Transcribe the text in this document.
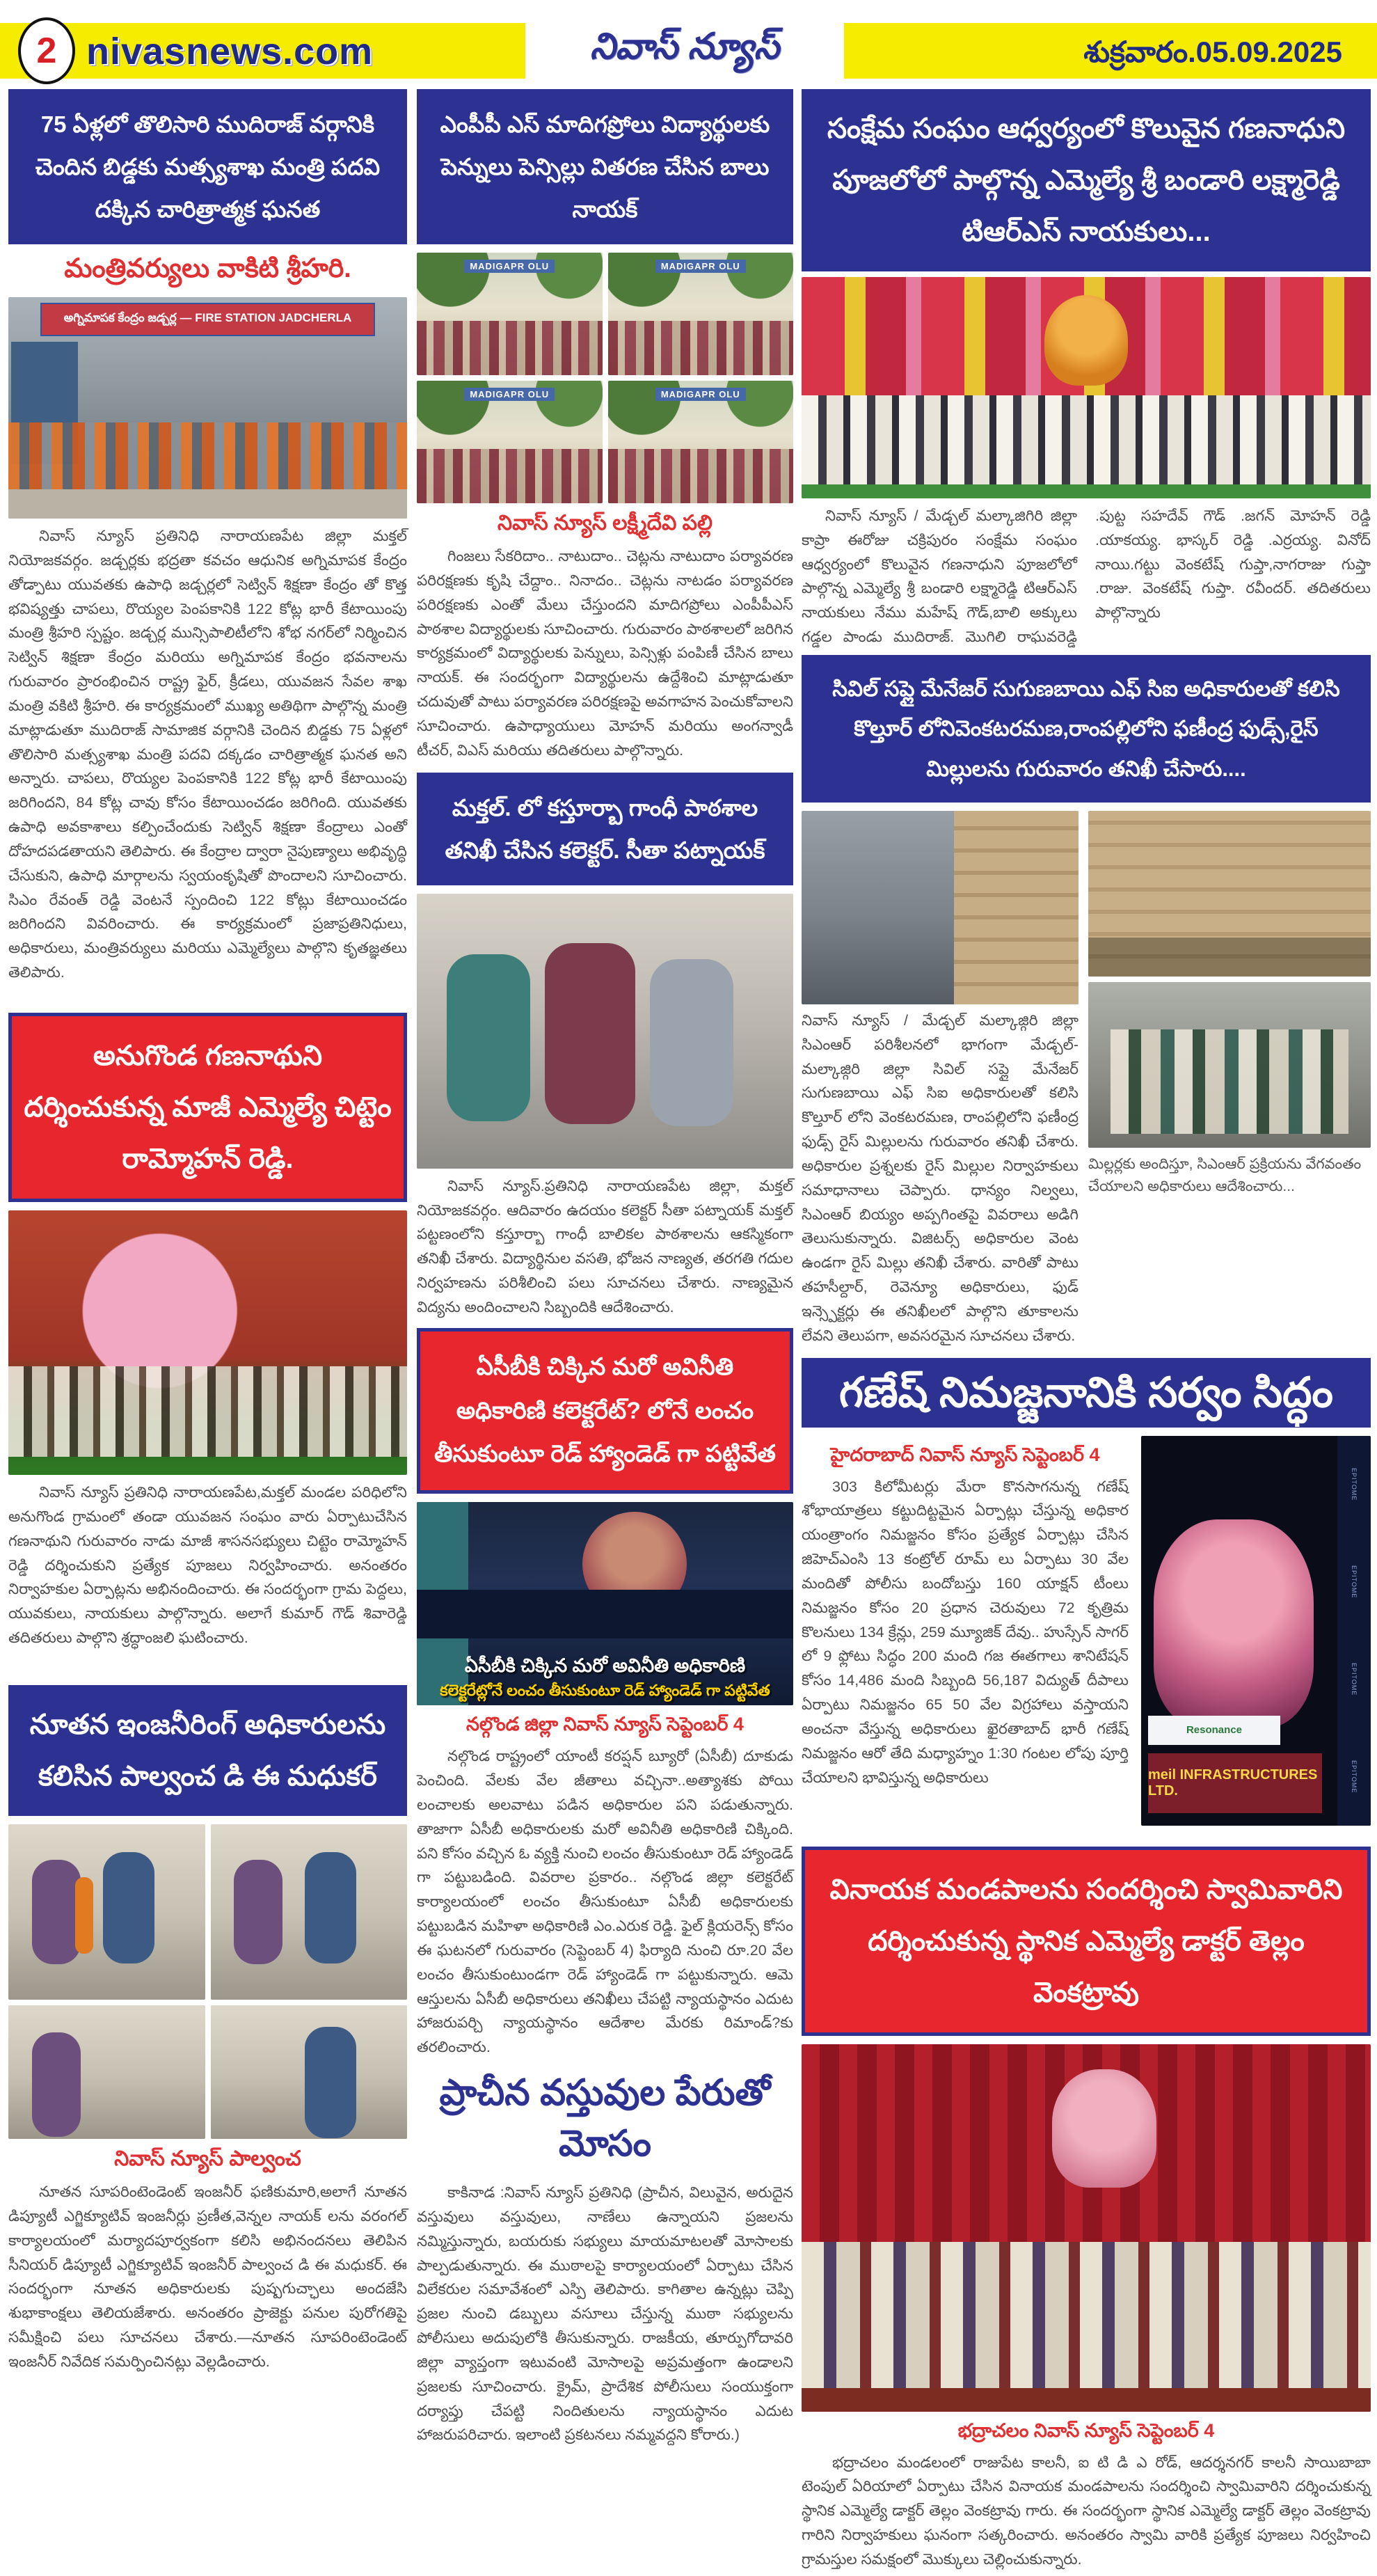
2 nivasnews.com	నివాస్ న్యూస్	శుక్రవారం.05.09.2025
75 ఏళ్లలో తొలిసారి ముదిరాజ్ వర్గానికి చెందిన బిడ్డకు మత్స్యశాఖ మంత్రి పదవి దక్కిన చారిత్రాత్మక ఘనత
మంత్రివర్యులు వాకిటి శ్రీహరి.
అగ్నిమాపక కేంద్రం జడ్చర్ల — FIRE STATION JADCHERLA
నివాస్ న్యూస్ ప్రతినిధి నారాయణపేట జిల్లా మక్తల్ నియోజకవర్గం. జడ్చర్లకు భద్రతా కవచం ఆధునిక అగ్నిమాపక కేంద్రం తోడ్పాటు యువతకు ఉపాధి జడ్చర్లలో సెట్విన్ శిక్షణా కేంద్రం తో కొత్త భవిష్యత్తు చాపలు, రొయ్యల పెంపకానికి 122 కోట్ల భారీ కేటాయింపు మంత్రి శ్రీహరి స్పష్టం. జడ్చర్ల మున్సిపాలిటీలోని శోభ నగర్‌లో నిర్మించిన సెట్విన్ శిక్షణా కేంద్రం మరియు అగ్నిమాపక కేంద్రం భవనాలను గురువారం ప్రారంభించిన రాష్ట్ర ఫైర్, క్రీడలు, యువజన సేవల శాఖ మంత్రి వకిటి శ్రీహరి. ఈ కార్యక్రమంలో ముఖ్య అతిథిగా పాల్గొన్న మంత్రి మాట్లాడుతూ ముదిరాజ్ సామాజిక వర్గానికి చెందిన బిడ్డకు 75 ఏళ్లలో తొలిసారి మత్స్యశాఖ మంత్రి పదవి దక్కడం చారిత్రాత్మక ఘనత అని అన్నారు. చాపలు, రొయ్యల పెంపకానికి 122 కోట్ల భారీ కేటాయింపు జరిగిందని, 84 కోట్ల చావు కోసం కేటాయించడం జరిగింది. యువతకు ఉపాధి అవకాశాలు కల్పించేందుకు సెట్విన్ శిక్షణా కేంద్రాలు ఎంతో దోహదపడతాయని తెలిపారు. ఈ కేంద్రాల ద్వారా నైపుణ్యాలు అభివృద్ధి చేసుకుని, ఉపాధి మార్గాలను స్వయంకృషితో పొందాలని సూచించారు. సిఎం రేవంత్ రెడ్డి వెంటనే స్పందించి 122 కోట్లు కేటాయించడం జరిగిందని వివరించారు. ఈ కార్యక్రమంలో ప్రజాప్రతినిధులు, అధికారులు, మంత్రివర్యులు మరియు ఎమ్మెల్యేలు పాల్గొని కృతజ్ఞతలు తెలిపారు.
అనుగొండ గణనాథుని దర్శించుకున్న మాజీ ఎమ్మెల్యే చిట్టెం రామ్మోహన్ రెడ్డి.
నివాస్ న్యూస్ ప్రతినిధి నారాయణపేట,మక్తల్ మండల పరిధిలోని అనుగొండ గ్రామంలో తండా యువజన సంఘం వారు ఏర్పాటుచేసిన గణనాథుని గురువారం నాడు మాజీ శాసనసభ్యులు చిట్టెం రామ్మోహన్ రెడ్డి దర్శించుకుని ప్రత్యేక పూజలు నిర్వహించారు. అనంతరం నిర్వాహకుల ఏర్పాట్లను అభినందించారు. ఈ సందర్భంగా గ్రామ పెద్దలు, యువకులు, నాయకులు పాల్గొన్నారు. అలాగే కుమార్ గౌడ్ శివారెడ్డి తదితరులు పాల్గొని శ్రద్ధాంజలి ఘటించారు.
నూతన ఇంజనీరింగ్ అధికారులను కలిసిన పాల్వంచ డి ఈ మధుకర్
నివాస్ న్యూస్ పాల్వంచ
నూతన సూపరింటెండెంట్ ఇంజనీర్ ఫణికుమారి,అలాగే నూతన డిప్యూటీ ఎగ్జిక్యూటివ్ ఇంజనీర్లు ప్రణీత,వెన్నల నాయక్ లను వరంగల్ కార్యాలయంలో మర్యాదపూర్వకంగా కలిసి అభినందనలు తెలిపిన సీనియర్ డిప్యూటీ ఎగ్జిక్యూటివ్ ఇంజనీర్ పాల్వంచ డి ఈ మధుకర్. ఈ సందర్భంగా నూతన అధికారులకు పుష్పగుచ్ఛాలు అందజేసి శుభాకాంక్షలు తెలియజేశారు. అనంతరం ప్రాజెక్టు పనుల పురోగతిపై సమీక్షించి పలు సూచనలు చేశారు.—నూతన సూపరింటెండెంట్ ఇంజనీర్ నివేదిక సమర్పించినట్లు వెల్లడించారు.
ఎంపీపీ ఎస్ మాదిగప్రోలు విద్యార్థులకు పెన్నులు పెన్సిల్లు వితరణ చేసిన బాలు నాయక్
MADIGAPR OLU	MADIGAPR OLU
MADIGAPR OLU	MADIGAPR OLU
నివాస్ న్యూస్ లక్ష్మీదేవి పల్లి
గింజలు సేకరిదాం.. నాటుదాం.. చెట్లను నాటుదాం పర్యావరణ పరిరక్షణకు కృషి చేద్దాం.. నినాదం.. చెట్లను నాటడం పర్యావరణ పరిరక్షణకు ఎంతో మేలు చేస్తుందని మాదిగప్రోలు ఎంపీపీఎస్ పాఠశాల విద్యార్థులకు సూచించారు. గురువారం పాఠశాలలో జరిగిన కార్యక్రమంలో విద్యార్థులకు పెన్నులు, పెన్సిళ్లు పంపిణీ చేసిన బాలు నాయక్. ఈ సందర్భంగా విద్యార్థులను ఉద్దేశించి మాట్లాడుతూ చదువుతో పాటు పర్యావరణ పరిరక్షణపై అవగాహన పెంచుకోవాలని సూచించారు. ఉపాధ్యాయులు మోహన్ మరియు అంగన్వాడీ టీచర్, విఎస్ మరియు తదితరులు పాల్గొన్నారు.
మక్తల్. లో కస్తూర్బా గాంధీ పాఠశాల తనిఖీ చేసిన కలెక్టర్. సీతా పట్నాయక్
నివాస్ న్యూస్.ప్రతినిధి నారాయణపేట జిల్లా, మక్తల్ నియోజకవర్గం. ఆదివారం ఉదయం కలెక్టర్ సీతా పట్నాయక్ మక్తల్ పట్టణంలోని కస్తూర్బా గాంధీ బాలికల పాఠశాలను ఆకస్మికంగా తనిఖీ చేశారు. విద్యార్థినుల వసతి, భోజన నాణ్యత, తరగతి గదుల నిర్వహణను పరిశీలించి పలు సూచనలు చేశారు. నాణ్యమైన విద్యను అందించాలని సిబ్బందికి ఆదేశించారు.
ఏసీబీకి చిక్కిన మరో అవినీతి అధికారిణి కలెక్టరేట్? లోనే లంచం తీసుకుంటూ రెడ్ హ్యాండెడ్ గా పట్టివేత
ఏసీబీకి చిక్కిన మరో అవినీతి అధికారిణి
కలెక్టరేట్లోనే లంచం తీసుకుంటూ రెడ్ హ్యాండెడ్ గా పట్టివేత
నల్గొండ జిల్లా నివాస్ న్యూస్ సెప్టెంబర్ 4
నల్గొండ రాష్ట్రంలో యాంటీ కరప్షన్ బ్యూరో (ఏసీబీ) దూకుడు పెంచింది. వేలకు వేల జీతాలు వచ్చినా..అత్యాశకు పోయి లంచాలకు అలవాటు పడిన అధికారుల పని పడుతున్నారు. తాజాగా ఏసీబీ అధికారులకు మరో అవినీతి అధికారిణి చిక్కింది. పని కోసం వచ్చిన ఓ వ్యక్తి నుంచి లంచం తీసుకుంటూ రెడ్ హ్యాండెడ్ గా పట్టుబడింది. వివరాల ప్రకారం.. నల్గొండ జిల్లా కలెక్టరేట్ కార్యాలయంలో లంచం తీసుకుంటూ ఏసీబీ అధికారులకు పట్టుబడిన మహిళా అధికారిణి ఎం.ఎరుక రెడ్డి. ఫైల్ క్లియరెన్స్ కోసం ఈ ఘటనలో గురువారం (సెప్టెంబర్ 4) ఫిర్యాది నుంచి రూ.20 వేల లంచం తీసుకుంటుండగా రెడ్ హ్యాండెడ్ గా పట్టుకున్నారు. ఆమె ఆస్తులను ఏసీబీ అధికారులు తనిఖీలు చేపట్టి న్యాయస్థానం ఎదుట హాజరుపర్చి న్యాయస్థానం ఆదేశాల మేరకు రిమాండ్?కు తరలించారు.
ప్రాచీన వస్తువుల పేరుతో మోసం
కాకినాడ :నివాస్ న్యూస్ ప్రతినిధి (ప్రాచీన, విలువైన, అరుదైన వస్తువులు వస్తువులు, నాణేలు ఉన్నాయని ప్రజలను నమ్మిస్తున్నారు, బయరుకు సభ్యులు మాయమాటలతో మోసాలకు పాల్పడుతున్నారు. ఈ ముఠాలపై కార్యాలయంలో ఏర్పాటు చేసిన విలేకరుల సమావేశంలో ఎస్పి తెలిపారు. కాగితాల ఉన్నట్లు చెప్పి ప్రజల నుంచి డబ్బులు వసూలు చేస్తున్న ముఠా సభ్యులను పోలీసులు అదుపులోకి తీసుకున్నారు. రాజకీయ, తూర్పుగోదావరి జిల్లా వ్యాప్తంగా ఇటువంటి మోసాలపై అప్రమత్తంగా ఉండాలని ప్రజలకు సూచించారు. క్రైమ్, ప్రాదేశిక పోలీసులు సంయుక్తంగా దర్యాప్తు చేపట్టి నిందితులను న్యాయస్థానం ఎదుట హాజరుపరిచారు. ఇలాంటి ప్రకటనలు నమ్మవద్దని కోరారు.)
సంక్షేమ సంఘం ఆధ్వర్యంలో కొలువైన గణనాధుని పూజలోలో పాల్గొన్న ఎమ్మెల్యే శ్రీ బండారి లక్ష్మారెడ్డి టిఆర్ఎస్ నాయకులు...
నివాస్ న్యూస్ / మేడ్చల్ మల్కాజిగిరి జిల్లా కాప్రా ఈరోజు చక్రిపురం సంక్షేమ సంఘం ఆధ్వర్యంలో కొలువైన గణనాధుని పూజలోలో పాల్గొన్న ఎమ్మెల్యే శ్రీ బండారి లక్ష్మారెడ్డి టిఆర్ఎస్ నాయకులు నేము మహేష్ గౌడ్,బాలి అక్కులు గడ్డల పాండు ముదిరాజ్. మొగిలి రాఘవరెడ్డి .పుట్ట సహదేవ్ గౌడ్ .జగన్ మోహన్ రెడ్డి .యాకయ్య. భాస్కర్ రెడ్డి .ఎర్రయ్య. వినోద్ నాయి.గట్టు వెంకటేష్ గుప్తా,నాగరాజు గుప్తా .రాజు. వెంకటేష్ గుప్తా. రవీందర్. తదితరులు పాల్గొన్నారు
సివిల్ సప్లై మేనేజర్ సుగుణబాయి ఎఫ్ సిఐ అధికారులతో కలిసి కొల్తూర్ లోనివెంకటరమణ,రాంపల్లిలోని ఫణీంద్ర ఫుడ్స్,రైస్ మిల్లులను గురువారం తనిఖీ చేసారు....
నివాస్ న్యూస్ / మేడ్చల్ మల్కాజ్గిరి జిల్లా సిఎంఆర్ పరిశీలనలో భాగంగా మేడ్చల్-మల్కాజ్గిరి జిల్లా సివిల్ సప్లై మేనేజర్ సుగుణబాయి ఎఫ్ సిఐ అధికారులతో కలిసి కొల్తూర్ లోని వెంకటరమణ, రాంపల్లిలోని ఫణీంద్ర ఫుడ్స్ రైస్ మిల్లులను గురువారం తనిఖీ చేశారు. అధికారుల ప్రశ్నలకు రైస్ మిల్లుల నిర్వాహకులు సమాధానాలు చెప్పారు. ధాన్యం నిల్వలు, సిఎంఆర్ బియ్యం అప్పగింతపై వివరాలు అడిగి తెలుసుకున్నారు. విజిటర్స్ అధికారుల వెంట ఉండగా రైస్ మిల్లు తనిఖీ చేశారు. వారితో పాటు తహసీల్దార్, రెవెన్యూ అధికారులు, ఫుడ్ ఇన్స్పెక్టర్లు ఈ తనిఖీలలో పాల్గొని తూకాలను లేవని తెలుపగా, అవసరమైన సూచనలు చేశారు.
మిల్లర్లకు అందిస్తూ, సిఎంఆర్ ప్రక్రియను వేగవంతం చేయాలని అధికారులు ఆదేశించారు...
గణేష్ నిమజ్జనానికి సర్వం సిద్ధం
హైదరాబాద్ నివాస్ న్యూస్ సెప్టెంబర్ 4
303 కిలోమీటర్లు మేరా కొనసాగనున్న గణేష్ శోభాయాత్రలు కట్టుదిట్టమైన ఏర్పాట్లు చేస్తున్న అధికార యంత్రాంగం నిమజ్జనం కోసం ప్రత్యేక ఏర్పాట్లు చేసిన జిహెచ్ఎంసి 13 కంట్రోల్ రూమ్ లు ఏర్పాటు 30 వేల మందితో పోలీసు బందోబస్తు 160 యాక్షన్ టీంలు నిమజ్జనం కోసం 20 ప్రధాన చెరువులు 72 కృత్రిమ కొలనులు 134 క్రేన్లు, 259 మ్యూజిక్ దేవు.. హుస్సేన్ సాగర్ లో 9 ఫ్లోటు సిద్ధం 200 మంది గజ ఈతగాలు శానిటేషన్ కోసం 14,486 మంది సిబ్బంది 56,187 విద్యుత్ దీపాలు ఏర్పాటు నిమజ్జనం 65 50 వేల విగ్రహాలు వస్తాయని అంచనా వేస్తున్న అధికారులు ఖైరతాబాద్ భారీ గణేష్ నిమజ్జనం ఆరో తేది మధ్యాహ్నం 1:30 గంటల లోపు పూర్తి చేయాలని భావిస్తున్న అధికారులు
EPITOME
EPITOME
EPITOME
EPITOME
Resonance
meil INFRASTRUCTURES LTD.
వినాయక మండపాలను సందర్శించి స్వామివారిని దర్శించుకున్న స్థానిక ఎమ్మెల్యే డాక్టర్ తెల్లం వెంకట్రావు
భద్రాచలం నివాస్ న్యూస్ సెప్టెంబర్ 4
భద్రాచలం మండలంలో రాజుపేట కాలనీ, ఐ టి డి ఎ రోడ్, ఆదర్శనగర్ కాలనీ సాయిబాబా టెంపుల్ ఏరియాలో ఏర్పాటు చేసిన వినాయక మండపాలను సందర్శించి స్వామివారిని దర్శించుకున్న స్థానిక ఎమ్మెల్యే డాక్టర్ తెల్లం వెంకట్రావు గారు. ఈ సందర్భంగా స్థానిక ఎమ్మెల్యే డాక్టర్ తెల్లం వెంకట్రావు గారిని నిర్వాహకులు ఘనంగా సత్కరించారు. అనంతరం స్వామి వారికి ప్రత్యేక పూజలు నిర్వహించి గ్రామస్తుల సమక్షంలో మొక్కులు చెల్లించుకున్నారు.
